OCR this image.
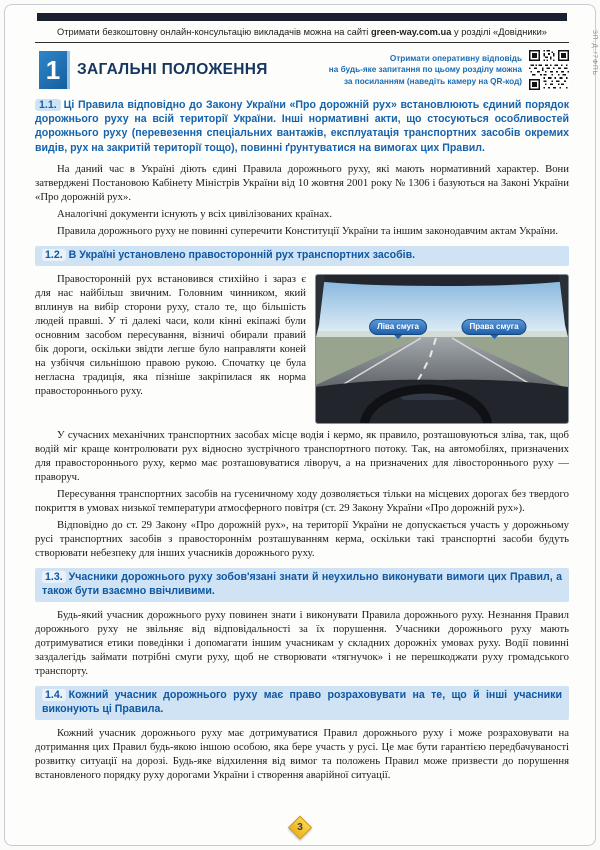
Отримати безкоштовну онлайн-консультацію викладачів можна на сайті green-way.com.ua у розділі «Довідники»
1	ЗАГАЛЬНІ ПОЛОЖЕННЯ
Отримати оперативну відповідь
на будь-яке запитання по цьому розділу можна
за посиланням (наведіть камеру на QR-код)
1.1. Ці Правила відповідно до Закону України «Про дорожній рух» встановлюють єдиний порядок дорожнього руху на всій території України. Інші нормативні акти, що стосуються особливостей дорожнього руху (перевезення спеціальних вантажів, експлуатація транспортних засобів окремих видів, рух на закритій території тощо), повинні ґрунтуватися на вимогах цих Правил.

На даний час в Україні діють єдині Правила дорожнього руху, які мають нормативний характер. Вони затверджені Постановою Кабінету Міністрів України від 10 жовтня 2001 року № 1306 і базуються на Законі України «Про дорожній рух».

Аналогічні документи існують у всіх цивілізованих країнах.

Правила дорожнього руху не повинні суперечити Конституції України та іншим законодавчим актам України.

1.2. В Україні установлено правосторонній рух транспортних засобів.
Ліва смуга	Права смуга

Правосторонній рух встановився стихійно і зараз є для нас найбільш звичним. Головним чинником, який вплинув на вибір сторони руху, стало те, що більшість людей правші. У ті далекі часи, коли кінні екіпажі були основним засобом пересування, візничі обирали правий бік дороги, оскільки звідти легше було направляти коней на узбіччя сильнішою правою рукою. Спочатку це була негласна традиція, яка пізніше закріпилася як норма правостороннього руху.

У сучасних механічних транспортних засобах місце водія і кермо, як правило, розташовуються зліва, так, щоб водій міг краще контролювати рух відносно зустрічного транспортного потоку. Так, на автомобілях, призначених для правостороннього руху, кермо має розташовуватися ліворуч, а на призначених для лівостороннього руху — праворуч.

Пересування транспортних засобів на гусеничному ходу дозволяється тільки на місцевих дорогах без твердого покриття в умовах низької температури атмосферного повітря (ст. 29 Закону України «Про дорожній рух»).

Відповідно до ст. 29 Закону «Про дорожній рух», на території України не допускається участь у дорожньому русі транспортних засобів з правостороннім розташуванням керма, оскільки такі транспортні засоби будуть створювати небезпеку для інших учасників дорожнього руху.

1.3. Учасники дорожнього руху зобов'язані знати й неухильно виконувати вимоги цих Правил, а також бути взаємно ввічливими.

Будь-який учасник дорожнього руху повинен знати і виконувати Правила дорожнього руху. Незнання Правил дорожнього руху не звільняє від відповідальності за їх порушення. Учасники дорожнього руху мають дотримуватися етики поведінки і допомагати іншим учасникам у складних дорожніх умовах руху. Водії повинні заздалегідь займати потрібні смуги руху, щоб не створювати «тягнучок» і не перешкоджати руху громадського транспорту.

1.4. Кожний учасник дорожнього руху має право розраховувати на те, що й інші учасники виконують ці Правила.

Кожний учасник дорожнього руху має дотримуватися Правил дорожнього руху і може розраховувати на дотримання цих Правил будь-якою іншою особою, яка бере участь у русі. Це має бути гарантією передбачуваності розвитку ситуації на дорозі. Будь-яке відхилення від вимог та положень Правил може призвести до порушення встановленого порядку руху дорогами України і створення аварійної ситуації.

ЗП.Д./7ФПЬ
3
